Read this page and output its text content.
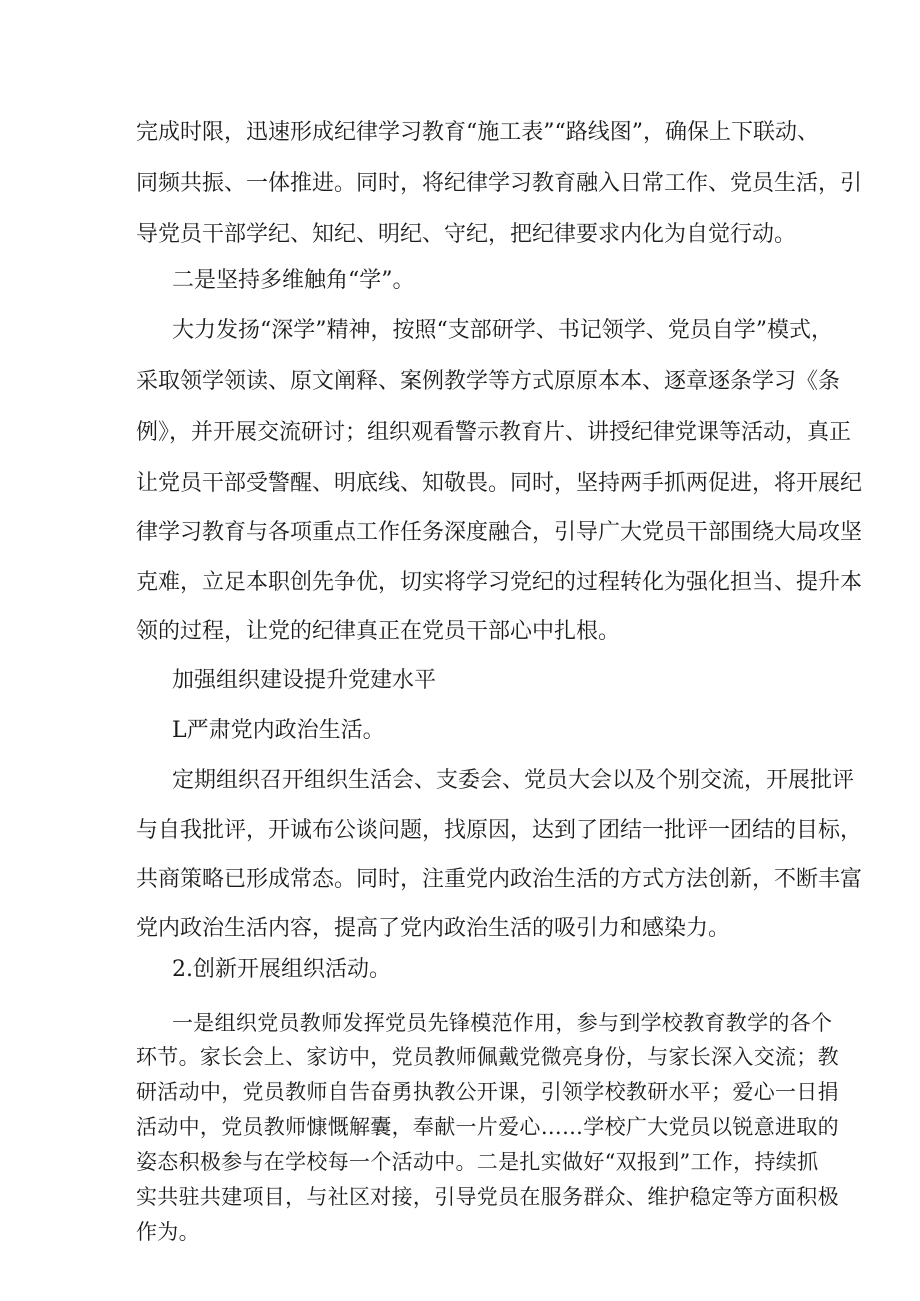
完成时限，迅速形成纪律学习教育“施工表”“路线图”，确保上下联动、
同频共振、一体推进。同时，将纪律学习教育融入日常工作、党员生活，引
导党员干部学纪、知纪、明纪、守纪，把纪律要求内化为自觉行动。
二是坚持多维触角“学”。
大力发扬“深学”精神，按照“支部研学、书记领学、党员自学”模式，
采取领学领读、原文阐释、案例教学等方式原原本本、逐章逐条学习《条
例》，并开展交流研讨；组织观看警示教育片、讲授纪律党课等活动，真正
让党员干部受警醒、明底线、知敬畏。同时，坚持两手抓两促进，将开展纪
律学习教育与各项重点工作任务深度融合，引导广大党员干部围绕大局攻坚
克难，立足本职创先争优，切实将学习党纪的过程转化为强化担当、提升本
领的过程，让党的纪律真正在党员干部心中扎根。
加强组织建设提升党建水平
L严肃党内政治生活。
定期组织召开组织生活会、支委会、党员大会以及个别交流，开展批评
与自我批评，开诚布公谈问题，找原因，达到了团结一批评一团结的目标，
共商策略已形成常态。同时，注重党内政治生活的方式方法创新，不断丰富
党内政治生活内容，提高了党内政治生活的吸引力和感染力。
2.创新开展组织活动。
一是组织党员教师发挥党员先锋模范作用，参与到学校教育教学的各个
环节。家长会上、家访中，党员教师佩戴党微亮身份，与家长深入交流；教
研活动中，党员教师自告奋勇执教公开课，引领学校教研水平；爱心一日捐
活动中，党员教师慷慨解囊，奉献一片爱心……学校广大党员以锐意进取的
姿态积极参与在学校每一个活动中。二是扎实做好“双报到”工作，持续抓
实共驻共建项目，与社区对接，引导党员在服务群众、维护稳定等方面积极
作为。
